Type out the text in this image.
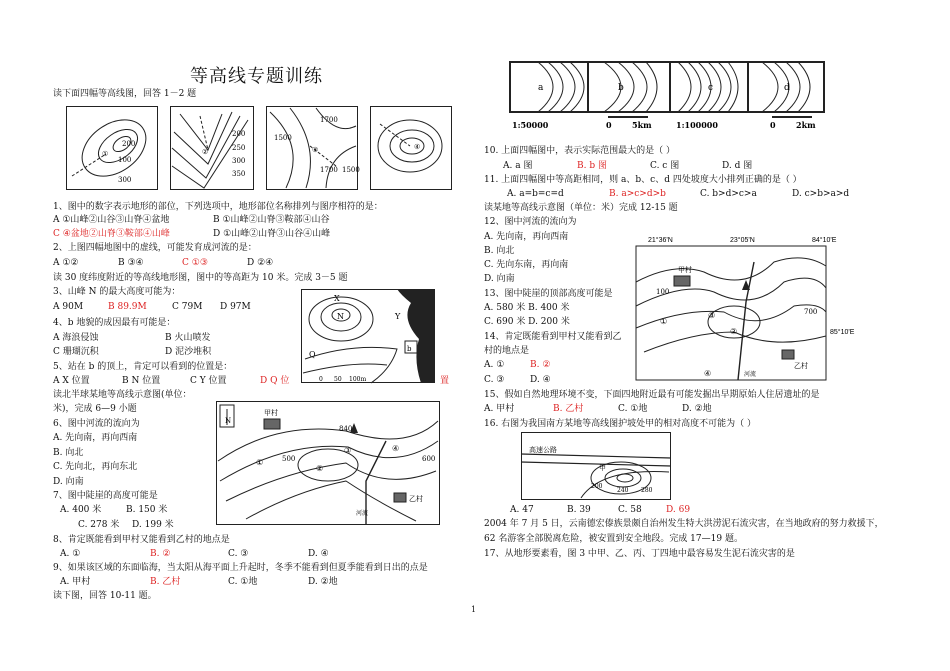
等高线专题训练
读下面四幅等高线图，回答 1－2 题
200
100
300
①
200
250
300
350
②
1700
1500
1700 1500
③	④
1、图中的数字表示地形的部位，下列选项中，地形部位名称排列与图序相符的是：
A ①山峰②山谷③山脊④盆地	B ①山峰②山脊③鞍部④山谷
C ④盆地②山脊③鞍部④山峰	D ①山峰②山脊③山谷④山峰
2、上图四幅地图中的虚线，可能发育成河流的是：
A ①②	B ③④	C ①③	D ②④
读 30 度纬度附近的等高线地形图，图中的等高距为 10 米。完成 3－5 题
3、山峰 N 的最大高度可能为：
A 90M	B 89.9M	C 79M D 97M
4、b 地貌的成因最有可能是：
A 海浪侵蚀	B 火山喷发
C 珊瑚沉积	D 泥沙堆积
5、站在 b 的顶上，肯定可以看到的位置是：
A X 位置	B N 位置	C Y 位置	D Q 位	置
X
N	Y
Q
b
0 50 100m
读北半球某地等高线示意图(单位：
米)，完成 6—9 小题
6、图中河流的流向为
A. 先向南，再向西南
B. 向北
C. 先向北，再向东北
D. 向南
7、图中陡崖的高度可能是
A. 400 米	B. 150 米
C. 278 米 D. 199 米
8、肯定既能看到甲村又能看到乙村的地点是
A. ①	B. ②	C. ③	D. ④
9、如果该区域的东面临海，当太阳从海平面上升起时，冬季不能看到但夏季能看到日出的点是
A. 甲村	B. 乙村	C. ①地	D. ②地
读下图，回答 10-11 题。
N
甲村
840
500	600
①
②
③	④
河流
乙村
a	b	c	d
1:50000	0	5km	1:100000	0	2km
10. 上面四幅图中，表示实际范围最大的是（ ）
A. a 图	B. b 图	C. c 图	D. d 图
11. 上面四幅图中等高距相同，则 a、b、c、d 四处坡度大小排列正确的是（ ）
A. a=b=c=d	B. a>c>d>b	C. b>d>c>a	D. c>b>a>d
读某地等高线示意图（单位：米）完成 12-15 题
12、图中河流的流向为
A. 先向南，再向西南
B. 向北
C. 先向东南，再向南
D. 向南
13、图中陡崖的顶部高度可能是
A. 580 米 B. 400 米
C. 690 米 D. 200 米
14、肯定既能看到甲村又能看到乙
村的地点是
A. ①	B. ②
C. ③	D. ④
21°36'N	23°05'N	84°10'E
甲村
100
700
85°10'E
①
②
③
④
乙村
河流
15、假如自然地理环境不变，下面四地附近最有可能发掘出早期原始人住居遗址的是
A. 甲村	B. 乙村	C. ①地	D. ②地
16. 右图为我国南方某地等高线图护坡处甲的相对高度不可能为（ ）
高速公路
甲
200
240 280
A. 47	B. 39	C. 58	D. 69
2004 年 7 月 5 日，云南德宏傣族景颇自治州发生特大洪涝泥石流灾害，在当地政府的努力救援下，
62 名游客全部脱离危险，被安置到安全地段。完成 17—19 题。
17、从地形要素看，图 3 中甲、乙、丙、丁四地中最容易发生泥石流灾害的是
1
